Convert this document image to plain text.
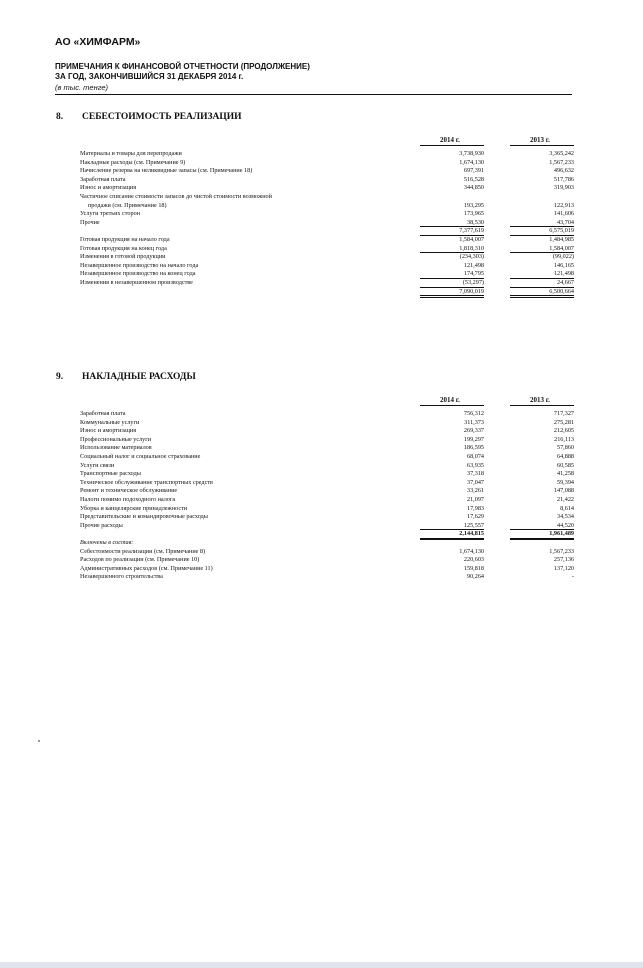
АО «ХИМФАРМ»
ПРИМЕЧАНИЯ К ФИНАНСОВОЙ ОТЧЕТНОСТИ (ПРОДОЛЖЕНИЕ)
ЗА ГОД, ЗАКОНЧИВШИЙСЯ 31 ДЕКАБРЯ 2014 г.
(в тыс. тенге)
8. СЕБЕСТОИМОСТЬ РЕАЛИЗАЦИИ
2014 г.	2013 г.
Материалы и товары для перепродажи	3,738,930	3,365,242
Накладные расходы (см. Примечание 9)	1,674,130	1,567,233
Начисление резерва на неликвидные запасы (см. Примечание 18)	697,391	496,632
Заработная плата	516,528	517,786
Износ и амортизация	344,850	319,903
Частичное списание стоимости запасов до чистой стоимости возможной
продажи (см. Примечание 18)	193,295	122,913
Услуги третьих сторон	173,965	141,606
Прочие	38,530	43,704
7,377,619	6,575,019
Готовая продукция на начало года	1,584,007	1,484,985
Готовая продукция на конец года	1,818,310	1,584,007
Изменения в готовой продукции	(234,303)	(99,022)
Незавершенное производство на начало года	121,498	146,165
Незавершенное производство на конец года	174,795	121,498
Изменения в незавершенном производстве	(53,297)	24,667
7,090,019	6,500,664
9. НАКЛАДНЫЕ РАСХОДЫ
2014 г.	2013 г.
Заработная плата	756,312	717,327
Коммунальные услуги	311,373	275,281
Износ и амортизация	269,337	212,605
Профессиональные услуги	199,297	216,113
Использование материалов	186,595	57,860
Социальный налог и социальное страхование	68,074	64,888
Услуги связи	63,935	60,585
Транспортные расходы	37,318	41,258
Техническое обслуживание транспортных средств	37,047	59,394
Ремонт и техническое обслуживание	33,261	147,088
Налоги помимо подоходного налога	21,097	21,422
Уборка и канцелярские принадлежности	17,983	8,614
Представительские и командировочные расходы	17,629	34,534
Прочие расходы	125,557	44,520
2,144,815	1,961,489
Включены в состав:
Себестоимости реализации (см. Примечание 8)	1,674,130	1,567,233
Расходов по реализации (см. Примечание 10)	220,603	257,136
Административных расходов (см. Примечание 11)	159,818	137,120
Незавершенного строительства	90,264	-
